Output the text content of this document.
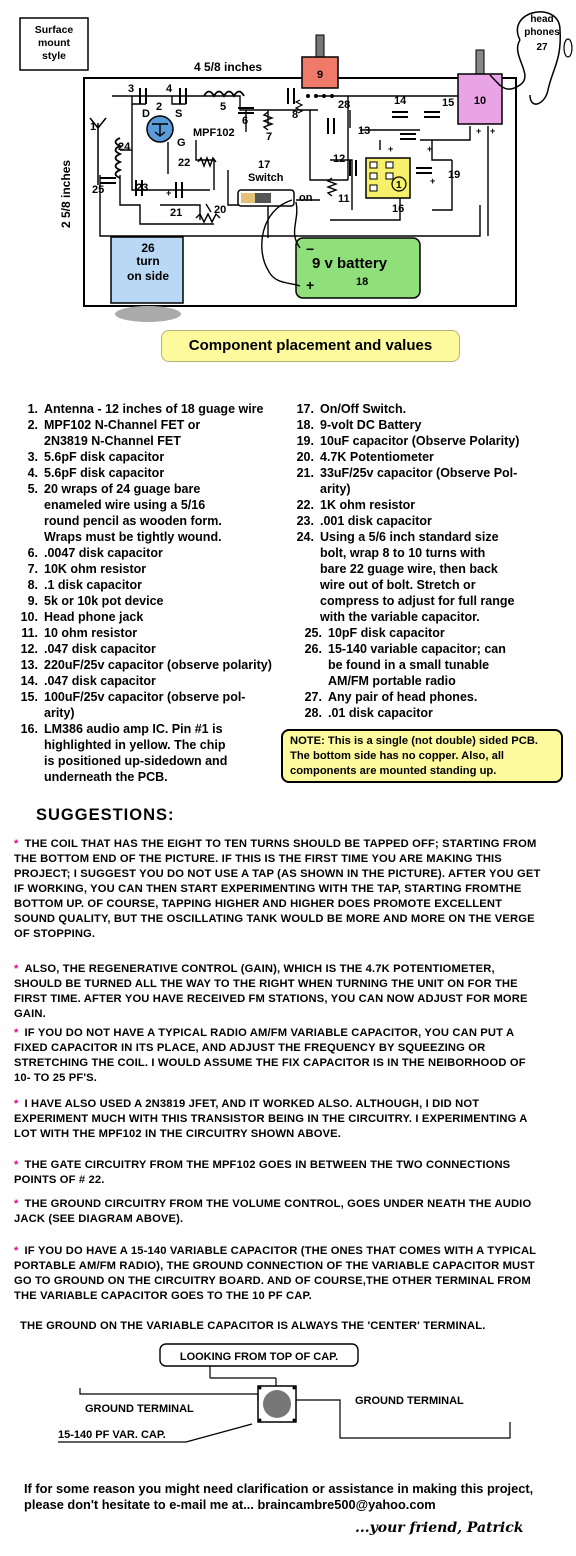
Surface mount style
4 5/8 inches
2 5/8 inches
D S
G
MPF102
+
Switch
on
+	+
+
1
9
10
+ +
head phones
27
9 v battery
18
−
+
26
turn on side
1
2
3	4
5
6
7
8
11
12
13
14	15
16
17
19
20
21
22
23
24
25
28
Component placement and values
1. Antenna - 12 inches of 18 guage wire
2. MPF102 N-Channel FET or
2N3819 N-Channel FET
3. 5.6pF disk capacitor
4. 5.6pF disk capacitor
5. 20 wraps of 24 guage bare
enameled wire using a 5/16
round pencil as wooden form.
Wraps must be tightly wound.
6. .0047 disk capacitor
7. 10K ohm resistor
8. .1 disk capacitor
9. 5k or 10k pot device
10. Head phone jack
11. 10 ohm resistor
12. .047 disk capacitor
13. 220uF/25v capacitor (observe polarity)
14. .047 disk capacitor
15. 100uF/25v capacitor (observe pol-
arity)
16. LM386 audio amp IC. Pin #1 is
highlighted in yellow. The chip
is positioned up-sidedown and
underneath the PCB.
17. On/Off Switch.
18. 9-volt DC Battery
19. 10uF capacitor (Observe Polarity)
20. 4.7K Potentiometer
21. 33uF/25v capacitor (Observe Pol-
arity)
22. 1K ohm resistor
23. .001 disk capacitor
24. Using a 5/6 inch standard size
bolt, wrap 8 to 10 turns with
bare 22 guage wire, then back
wire out of bolt. Stretch or
compress to adjust for full range
with the variable capacitor.
25. 10pF disk capacitor
26. 15-140 variable capacitor; can
be found in a small tunable
AM/FM portable radio
27. Any pair of head phones.
28. .01 disk capacitor
NOTE: This is a single (not double) sided PCB. The bottom side has no copper. Also, all components are mounted standing up.
SUGGESTIONS:
* THE COIL THAT HAS THE EIGHT TO TEN TURNS SHOULD BE TAPPED OFF; STARTING FROM THE BOTTOM END OF THE PICTURE. IF THIS IS THE FIRST TIME YOU ARE MAKING THIS PROJECT; I SUGGEST YOU DO NOT USE A TAP (AS SHOWN IN THE PICTURE). AFTER YOU GET IF WORKING, YOU CAN THEN START EXPERIMENTING WITH THE TAP, STARTING FROMTHE BOTTOM UP. OF COURSE, TAPPING HIGHER AND HIGHER DOES PROMOTE EXCELLENT SOUND QUALITY, BUT THE OSCILLATING TANK WOULD BE MORE AND MORE ON THE VERGE OF STOPPING.
* ALSO, THE REGENERATIVE CONTROL (GAIN), WHICH IS THE 4.7K POTENTIOMETER, SHOULD BE TURNED ALL THE WAY TO THE RIGHT WHEN TURNING THE UNIT ON FOR THE FIRST TIME. AFTER YOU HAVE RECEIVED FM STATIONS, YOU CAN NOW ADJUST FOR MORE GAIN.
* IF YOU DO NOT HAVE A TYPICAL RADIO AM/FM VARIABLE CAPACITOR, YOU CAN PUT A FIXED CAPACITOR IN ITS PLACE, AND ADJUST THE FREQUENCY BY SQUEEZING OR STRETCHING THE COIL. I WOULD ASSUME THE FIX CAPACITOR IS IN THE NEIBORHOOD OF 10- TO 25 PF'S.
* I HAVE ALSO USED A 2N3819 JFET, AND IT WORKED ALSO. ALTHOUGH, I DID NOT EXPERIMENT MUCH WITH THIS TRANSISTOR BEING IN THE CIRCUITRY. I EXPERIMENTING A LOT WITH THE MPF102 IN THE CIRCUITRY SHOWN ABOVE.
* THE GATE CIRCUITRY FROM THE MPF102 GOES IN BETWEEN THE TWO CONNECTIONS POINTS OF # 22.
* THE GROUND CIRCUITRY FROM THE VOLUME CONTROL, GOES UNDER NEATH THE AUDIO JACK (SEE DIAGRAM ABOVE).
* IF YOU DO HAVE A 15-140 VARIABLE CAPACITOR (THE ONES THAT COMES WITH A TYPICAL PORTABLE AM/FM RADIO), THE GROUND CONNECTION OF THE VARIABLE CAPACITOR MUST GO TO GROUND ON THE CIRCUITRY BOARD. AND OF COURSE,THE OTHER TERMINAL FROM THE VARIABLE CAPACITOR GOES TO THE 10 PF CAP.
THE GROUND ON THE VARIABLE CAPACITOR IS ALWAYS THE 'CENTER' TERMINAL.
LOOKING FROM TOP OF CAP.
GROUND TERMINAL
GROUND TERMINAL
15-140 PF VAR. CAP.
If for some reason you might need clarification or assistance in making this project,
please don't hesitate to e-mail me at... braincambre500@yahoo.com
...your friend, Patrick
